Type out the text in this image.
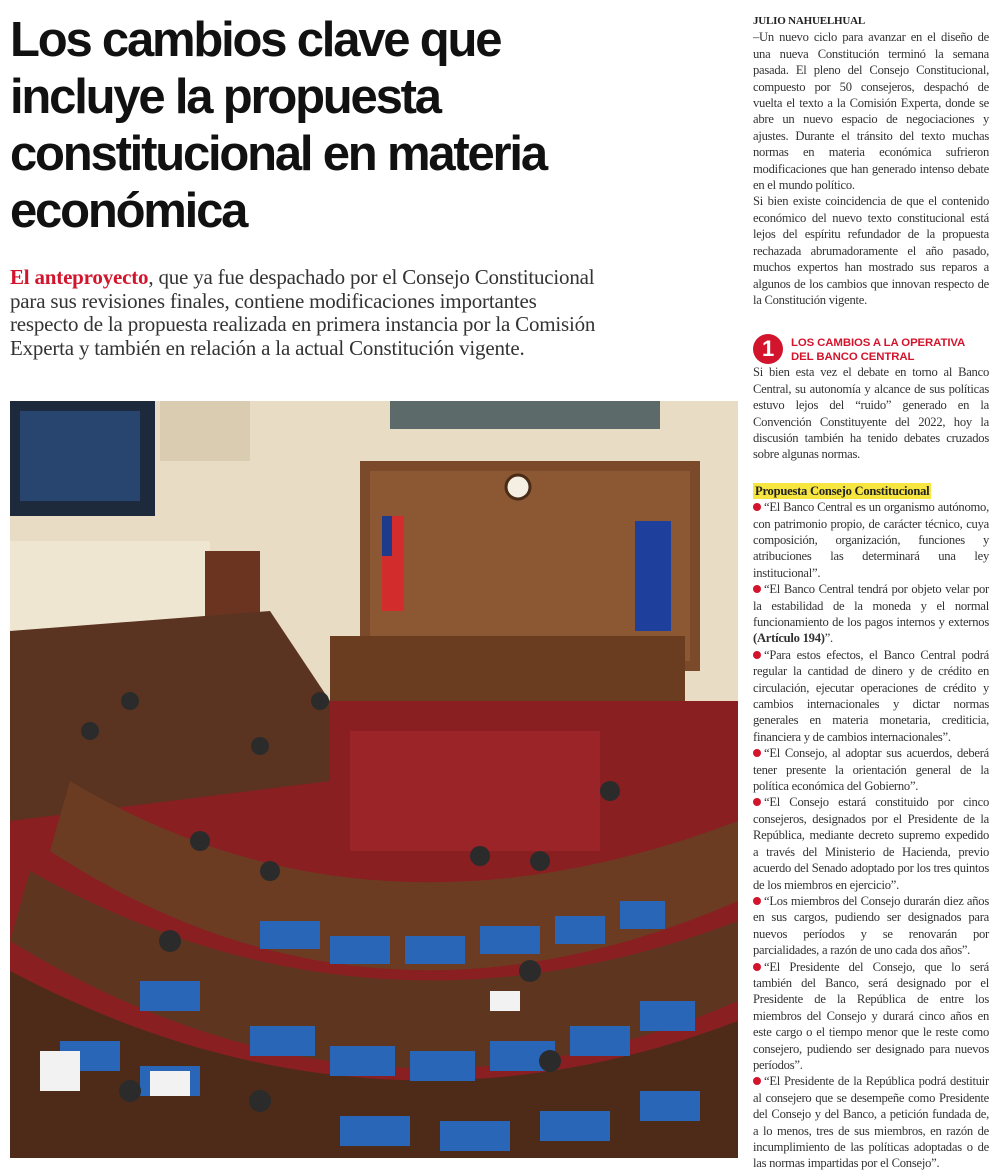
Los cambios clave que
incluye la propuesta
constitucional en materia
económica
El anteproyecto, que ya fue despachado por el Consejo Constitucional para sus revisiones finales, contiene modificaciones importantes respecto de la propuesta realizada en primera instancia por la Comisión Experta y también en relación a la actual Constitución vigente.
JULIO NAHUELHUAL

–Un nuevo ciclo para avanzar en el diseño de una nueva Constitución terminó la semana pasada. El pleno del Consejo Constitucional, compuesto por 50 consejeros, despachó de vuelta el texto a la Comisión Experta, donde se abre un nuevo espacio de negociaciones y ajustes. Durante el tránsito del texto muchas normas en materia económica sufrieron modificaciones que han generado intenso debate en el mundo político.

Si bien existe coincidencia de que el contenido económico del nuevo texto constitucional está lejos del espíritu refundador de la propuesta rechazada abrumadoramente el año pasado, muchos expertos han mostrado sus reparos a algunos de los cambios que innovan respecto de la Constitución vigente.

1	LOS CAMBIOS A LA OPERATIVA DEL BANCO CENTRAL

Si bien esta vez el debate en torno al Banco Central, su autonomía y alcance de sus políticas estuvo lejos del “ruido” generado en la Convención Constituyente del 2022, hoy la discusión también ha tenido debates cruzados sobre algunas normas.

Propuesta Consejo Constitucional

“El Banco Central es un organismo autónomo, con patrimonio propio, de carácter técnico, cuya composición, organización, funciones y atribuciones las determinará una ley institucional”.

“El Banco Central tendrá por objeto velar por la estabilidad de la moneda y el normal funcionamiento de los pagos internos y externos (Artículo 194)”.

“Para estos efectos, el Banco Central podrá regular la cantidad de dinero y de crédito en circulación, ejecutar operaciones de crédito y cambios internacionales y dictar normas generales en materia monetaria, crediticia, financiera y de cambios internacionales”.

“El Consejo, al adoptar sus acuerdos, deberá tener presente la orientación general de la política económica del Gobierno”.

“El Consejo estará constituido por cinco consejeros, designados por el Presidente de la República, mediante decreto supremo expedido a través del Ministerio de Hacienda, previo acuerdo del Senado adoptado por los tres quintos de los miembros en ejercicio”.

“Los miembros del Consejo durarán diez años en sus cargos, pudiendo ser designados para nuevos períodos y se renovarán por parcialidades, a razón de uno cada dos años”.

“El Presidente del Consejo, que lo será también del Banco, será designado por el Presidente de la República de entre los miembros del Consejo y durará cinco años en este cargo o el tiempo menor que le reste como consejero, pudiendo ser designado para nuevos períodos”.

“El Presidente de la República podrá destituir al consejero que se desempeñe como Presidente del Consejo y del Banco, a petición fundada de, a lo menos, tres de sus miembros, en razón de incumplimiento de las políticas adoptadas o de las normas impartidas por el Consejo”.
